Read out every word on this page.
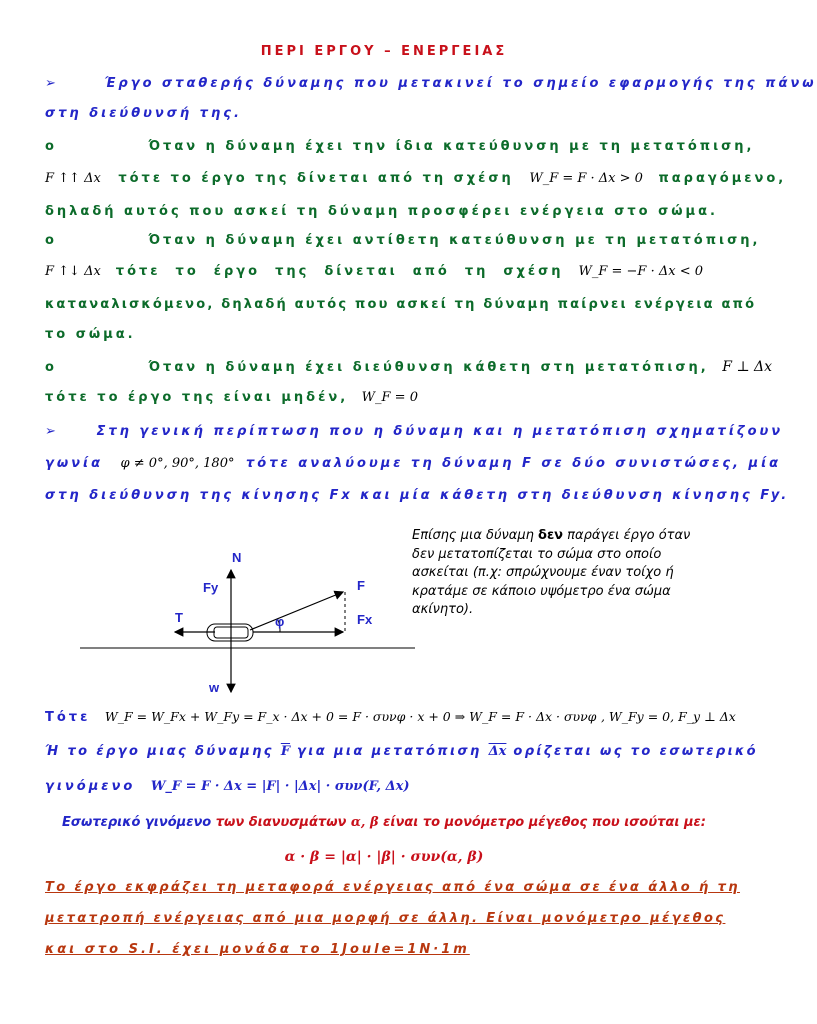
ΠΕΡΙ ΕΡΓΟΥ – ΕΝΕΡΓΕΙΑΣ
➢	Έργο σταθερής δύναμης που μετακινεί το σημείο εφαρμογής της πάνω
στη διεύθυνσή της.
o	Όταν η δύναμη έχει την ίδια κατεύθυνση με τη μετατόπιση,
F ↑↑ Δx τότε το έργο της δίνεται από τη σχέση W_F = F · Δx > 0 παραγόμενο,
δηλαδή αυτός που ασκεί τη δύναμη προσφέρει ενέργεια στο σώμα.
o	Όταν η δύναμη έχει αντίθετη κατεύθυνση με τη μετατόπιση,
F ↑↓ Δx τότε το έργο της δίνεται από τη σχέση W_F = −F · Δx < 0
καταναλισκόμενο, δηλαδή αυτός που ασκεί τη δύναμη παίρνει ενέργεια από
το σώμα.
o	Όταν η δύναμη έχει διεύθυνση κάθετη στη μετατόπιση, F ⊥ Δx
τότε το έργο της είναι μηδέν, W_F = 0
➢	Στη γενική περίπτωση που η δύναμη και η μετατόπιση σχηματίζουν
γωνία φ ≠ 0°, 90°, 180° τότε αναλύουμε τη δύναμη F σε δύο συνιστώσες, μία
στη διεύθυνση της κίνησης Fx και μία κάθετη στη διεύθυνση κίνησης Fy.
N
Fy	F
T	φ	Fx
w
Επίσης μια δύναμη δεν παράγει έργο όταν δεν μετατοπίζεται το σώμα στο οποίο ασκείται (π.χ: σπρώχνουμε έναν τοίχο ή κρατάμε σε κάποιο υψόμετρο ένα σώμα ακίνητο).
Τότε W_F = W_Fx + W_Fy = F_x · Δx + 0 = F · συνφ · x + 0 ⇒ W_F = F · Δx · συνφ , W_Fy = 0, F_y ⊥ Δx
Ή το έργο μιας δύναμης $\overline{F}$ για μια μετατόπιση $\overline{\Delta x}$ ορίζεται ως το εσωτερικό
γινόμενο W_F = F · Δx = |F| · |Δx| · συν(F, Δx)
Εσωτερικό γινόμενο των διανυσμάτων α, β είναι το μονόμετρο μέγεθος που ισούται με:
α · β = |α| · |β| · συν(α, β)
Το έργο εκφράζει τη μεταφορά ενέργειας από ένα σώμα σε ένα άλλο ή τη
μετατροπή ενέργειας από μια μορφή σε άλλη. Είναι μονόμετρο μέγεθος
και στο S.I. έχει μονάδα το 1Joule=1N·1m
